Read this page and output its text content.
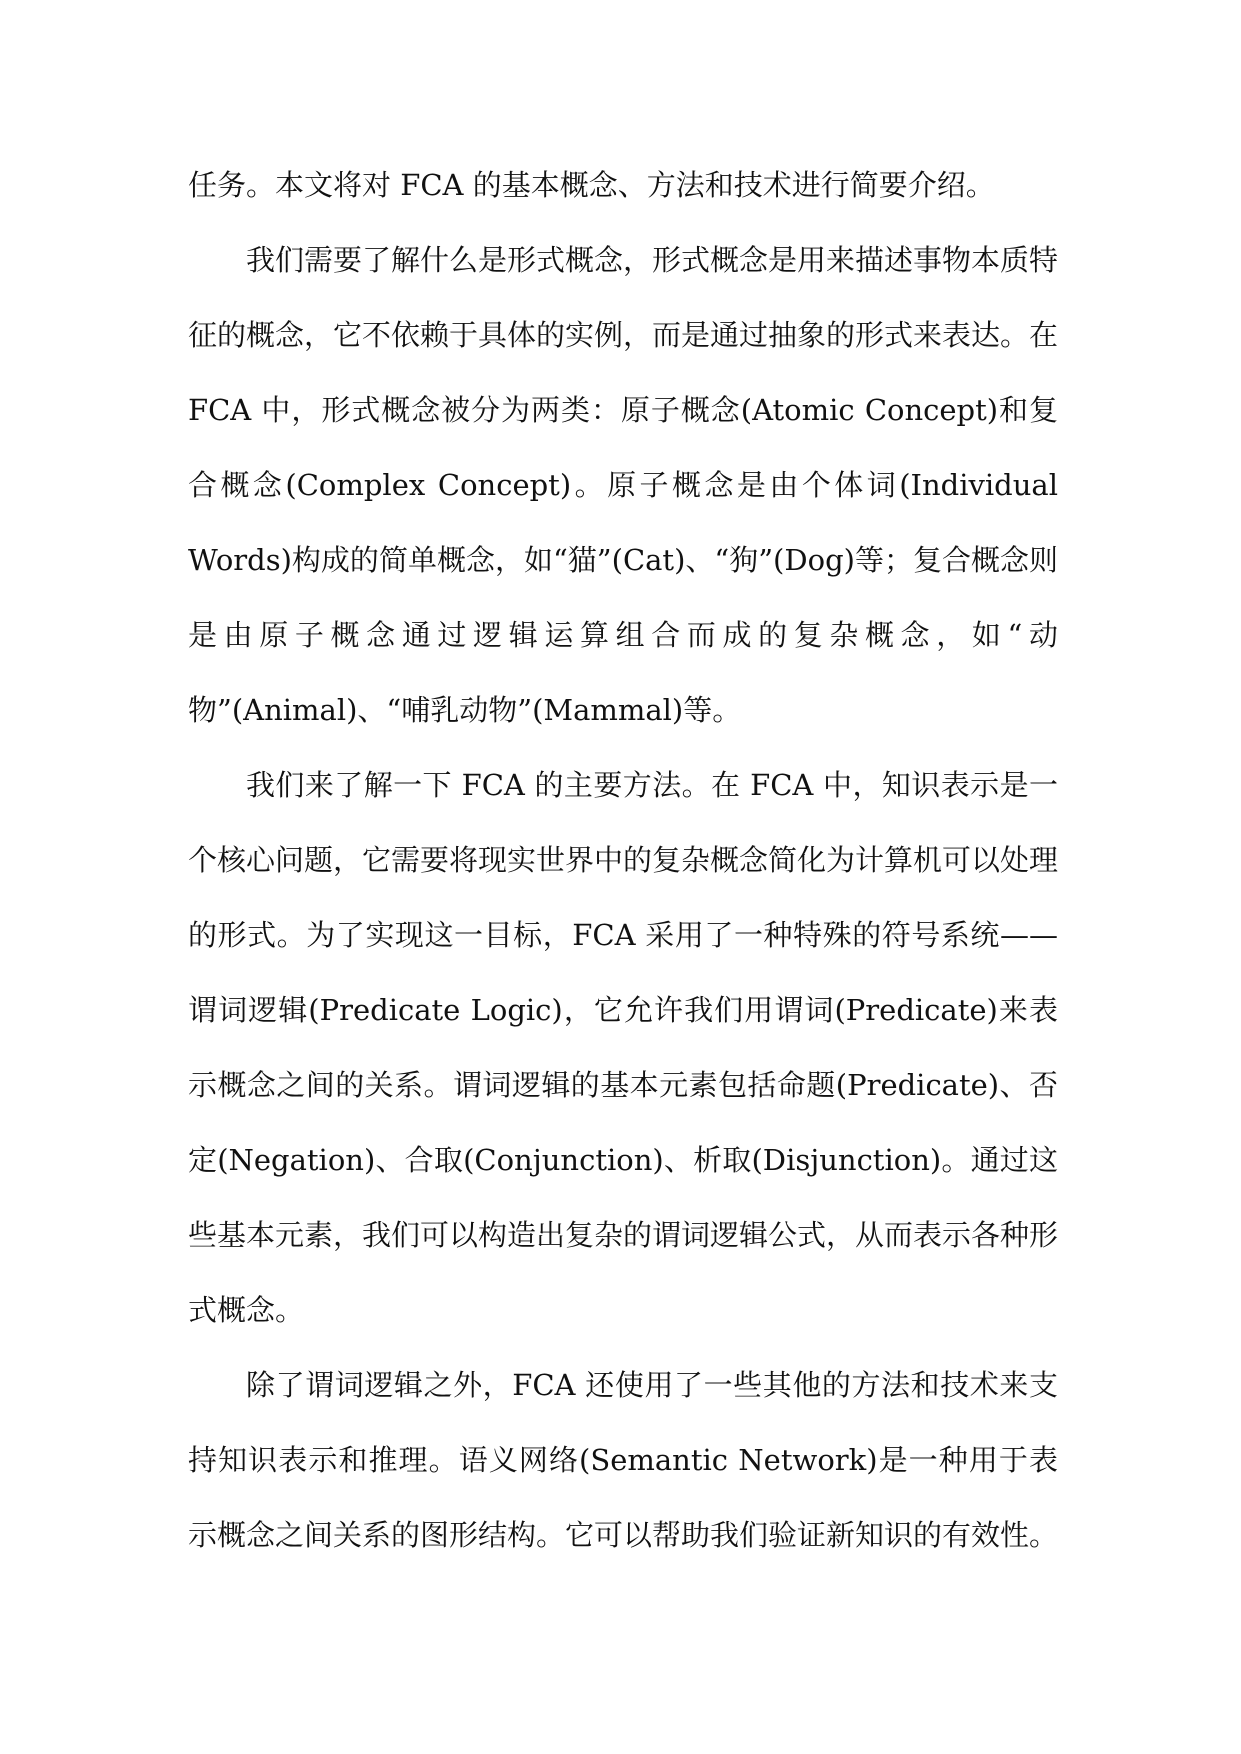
任务。本文将对 FCA 的基本概念、方法和技术进行简要介绍。

我们需要了解什么是形式概念，形式概念是用来描述事物本质特征的概念，它不依赖于具体的实例，而是通过抽象的形式来表达。在 FCA 中，形式概念被分为两类：原子概念(Atomic Concept)和复合概念(Complex Concept)。原子概念是由个体词(Individual Words)构成的简单概念，如“猫”(Cat)、“狗”(Dog)等；复合概念则是由原子概念通过逻辑运算组合而成的复杂概念，如“动物”(Animal)、“哺乳动物”(Mammal)等。

我们来了解一下 FCA 的主要方法。在 FCA 中，知识表示是一个核心问题，它需要将现实世界中的复杂概念简化为计算机可以处理的形式。为了实现这一目标，FCA 采用了一种特殊的符号系统——谓词逻辑(Predicate Logic)，它允许我们用谓词(Predicate)来表示概念之间的关系。谓词逻辑的基本元素包括命题(Predicate)、否定(Negation)、合取(Conjunction)、析取(Disjunction)。通过这些基本元素，我们可以构造出复杂的谓词逻辑公式，从而表示各种形式概念。

除了谓词逻辑之外，FCA 还使用了一些其他的方法和技术来支持知识表示和推理。语义网络(Semantic Network)是一种用于表示概念之间关系的图形结构。它可以帮助我们验证新知识的有效性。
